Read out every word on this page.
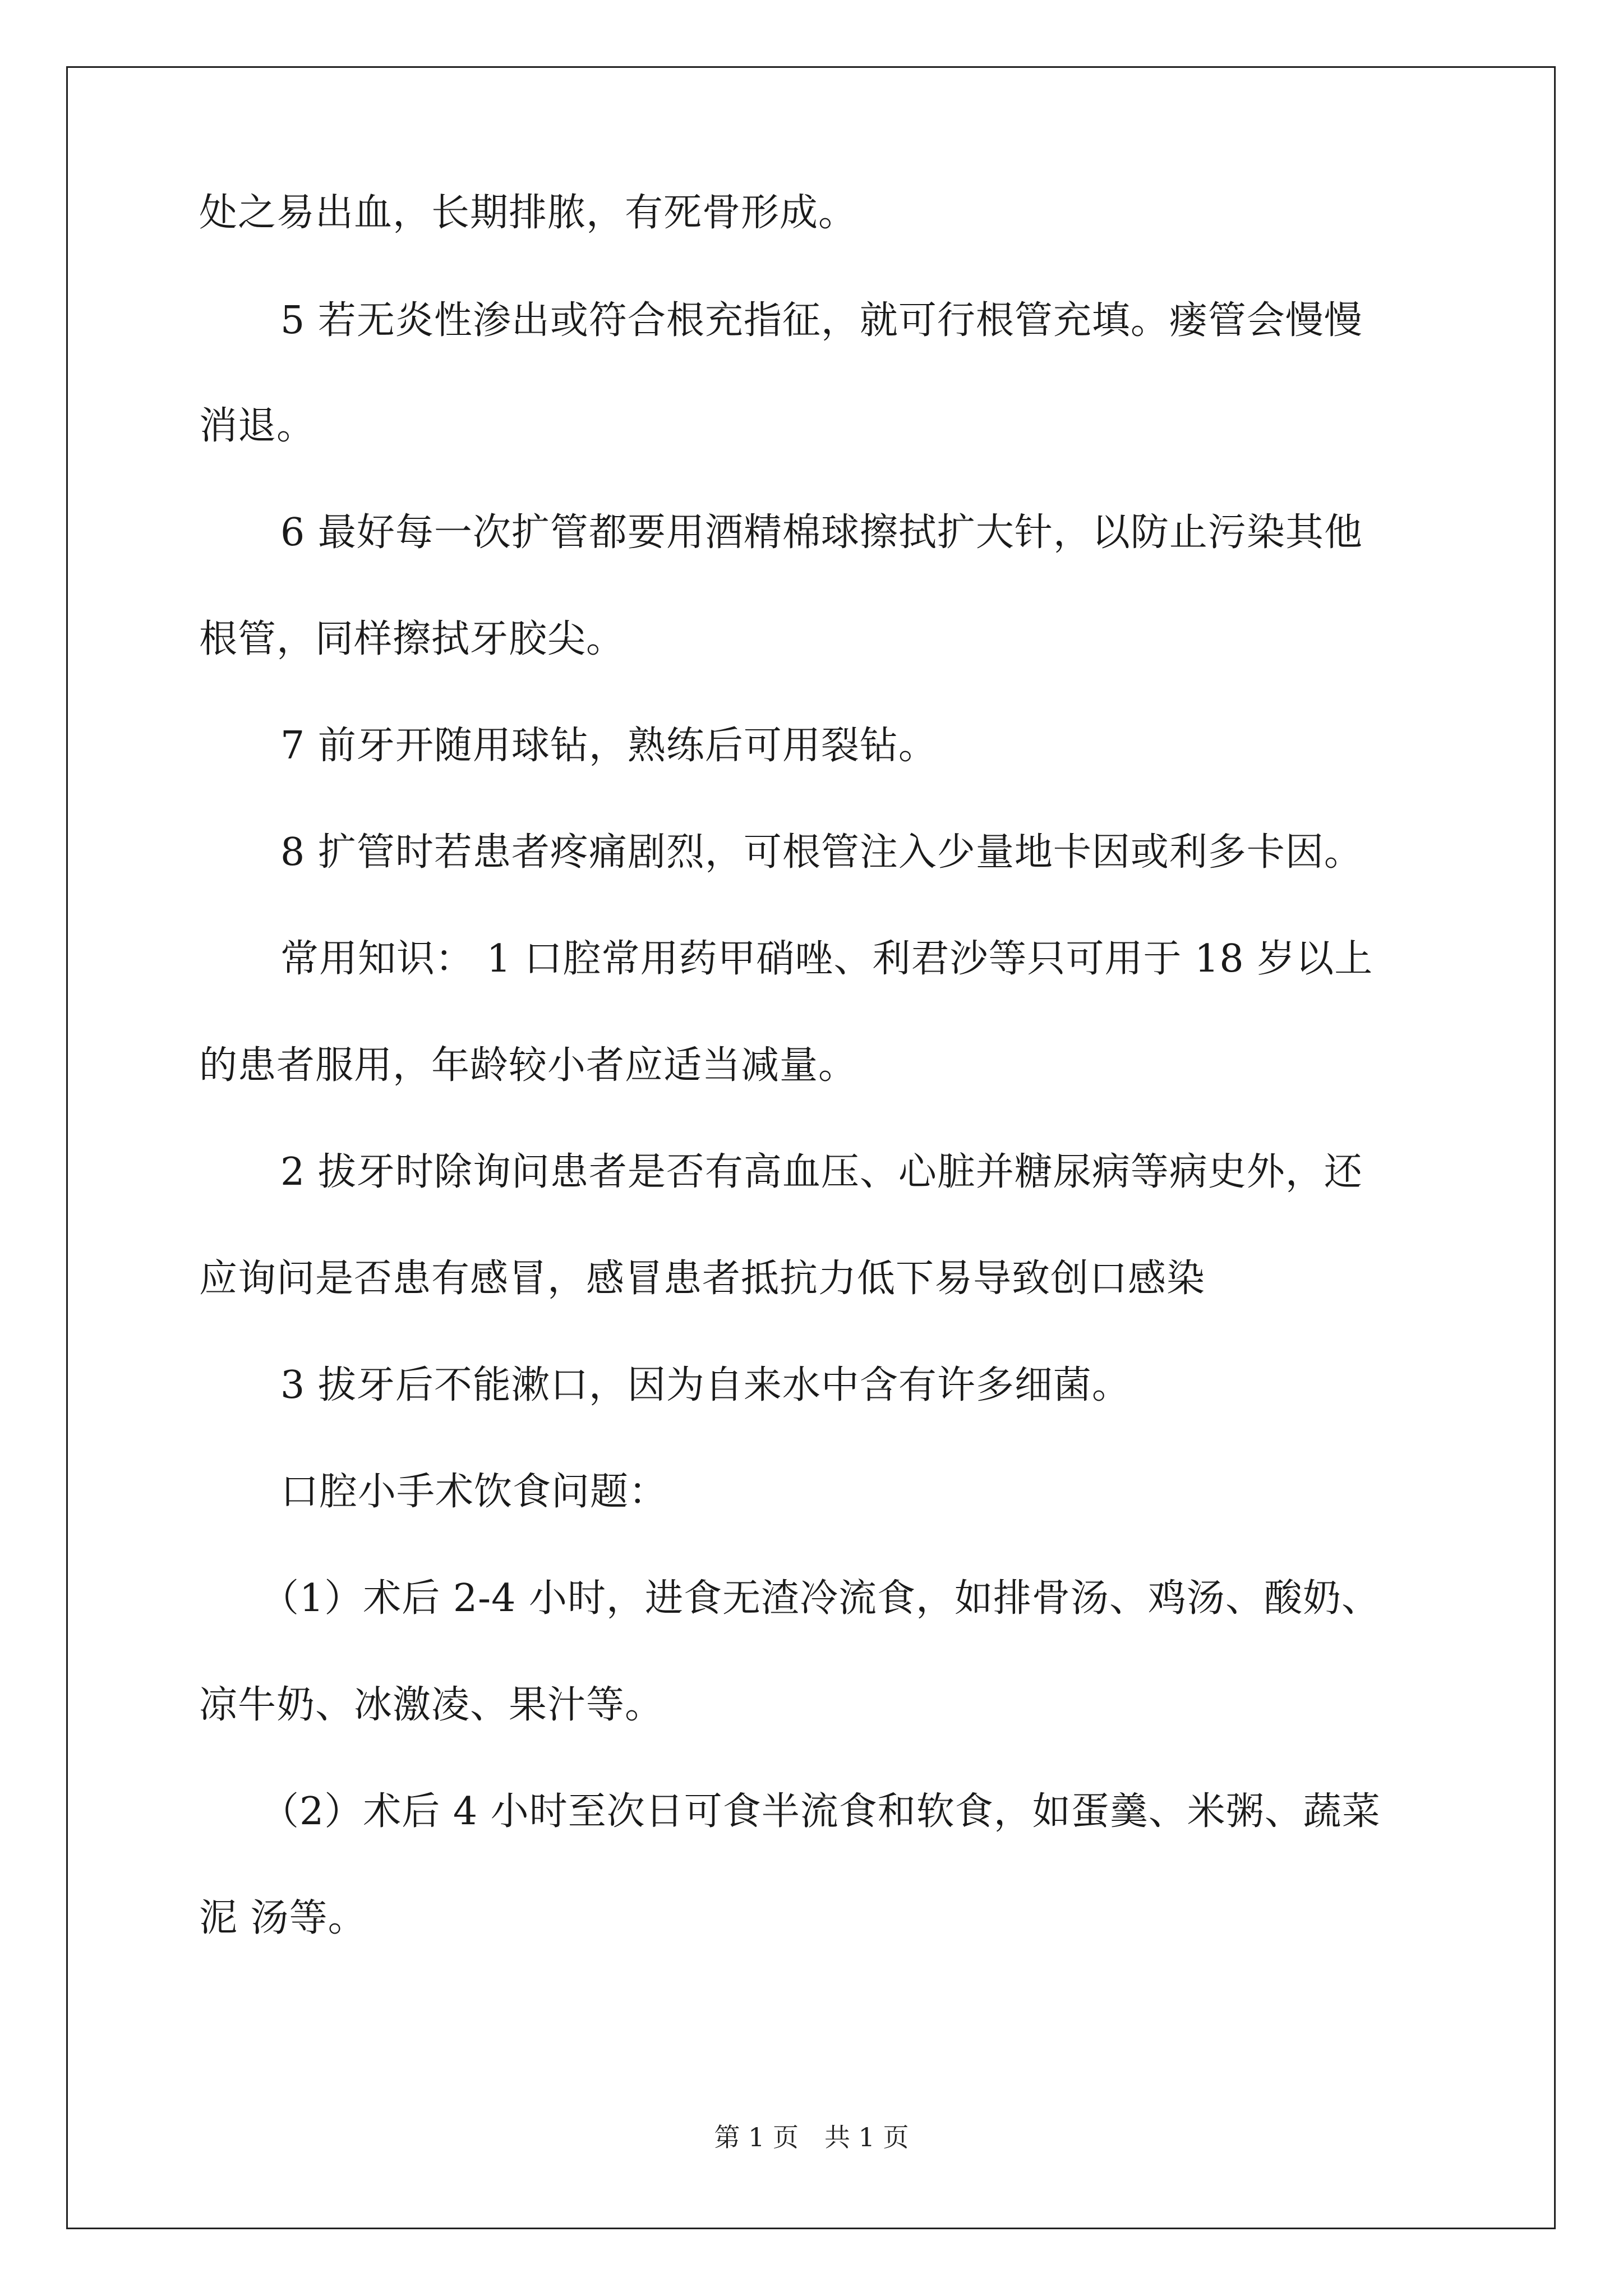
处之易出血，长期排脓，有死骨形成。
5 若无炎性渗出或符合根充指征，就可行根管充填。瘘管会慢慢
消退。
6 最好每一次扩管都要用酒精棉球擦拭扩大针，以防止污染其他
根管，同样擦拭牙胶尖。
7 前牙开随用球钻，熟练后可用裂钻。
8 扩管时若患者疼痛剧烈，可根管注入少量地卡因或利多卡因。
常用知识： 1 口腔常用药甲硝唑、利君沙等只可用于 18 岁以上
的患者服用，年龄较小者应适当减量。
2 拔牙时除询问患者是否有高血压、心脏并糖尿病等病史外，还
应询问是否患有感冒，感冒患者抵抗力低下易导致创口感染
3 拔牙后不能漱口，因为自来水中含有许多细菌。
口腔小手术饮食问题：
（1）术后 2-4 小时，进食无渣冷流食，如排骨汤、鸡汤、酸奶、
凉牛奶、冰激凌、果汁等。
（2）术后 4 小时至次日可食半流食和软食，如蛋羹、米粥、蔬菜
泥 汤等。
第 1 页　共 1 页
